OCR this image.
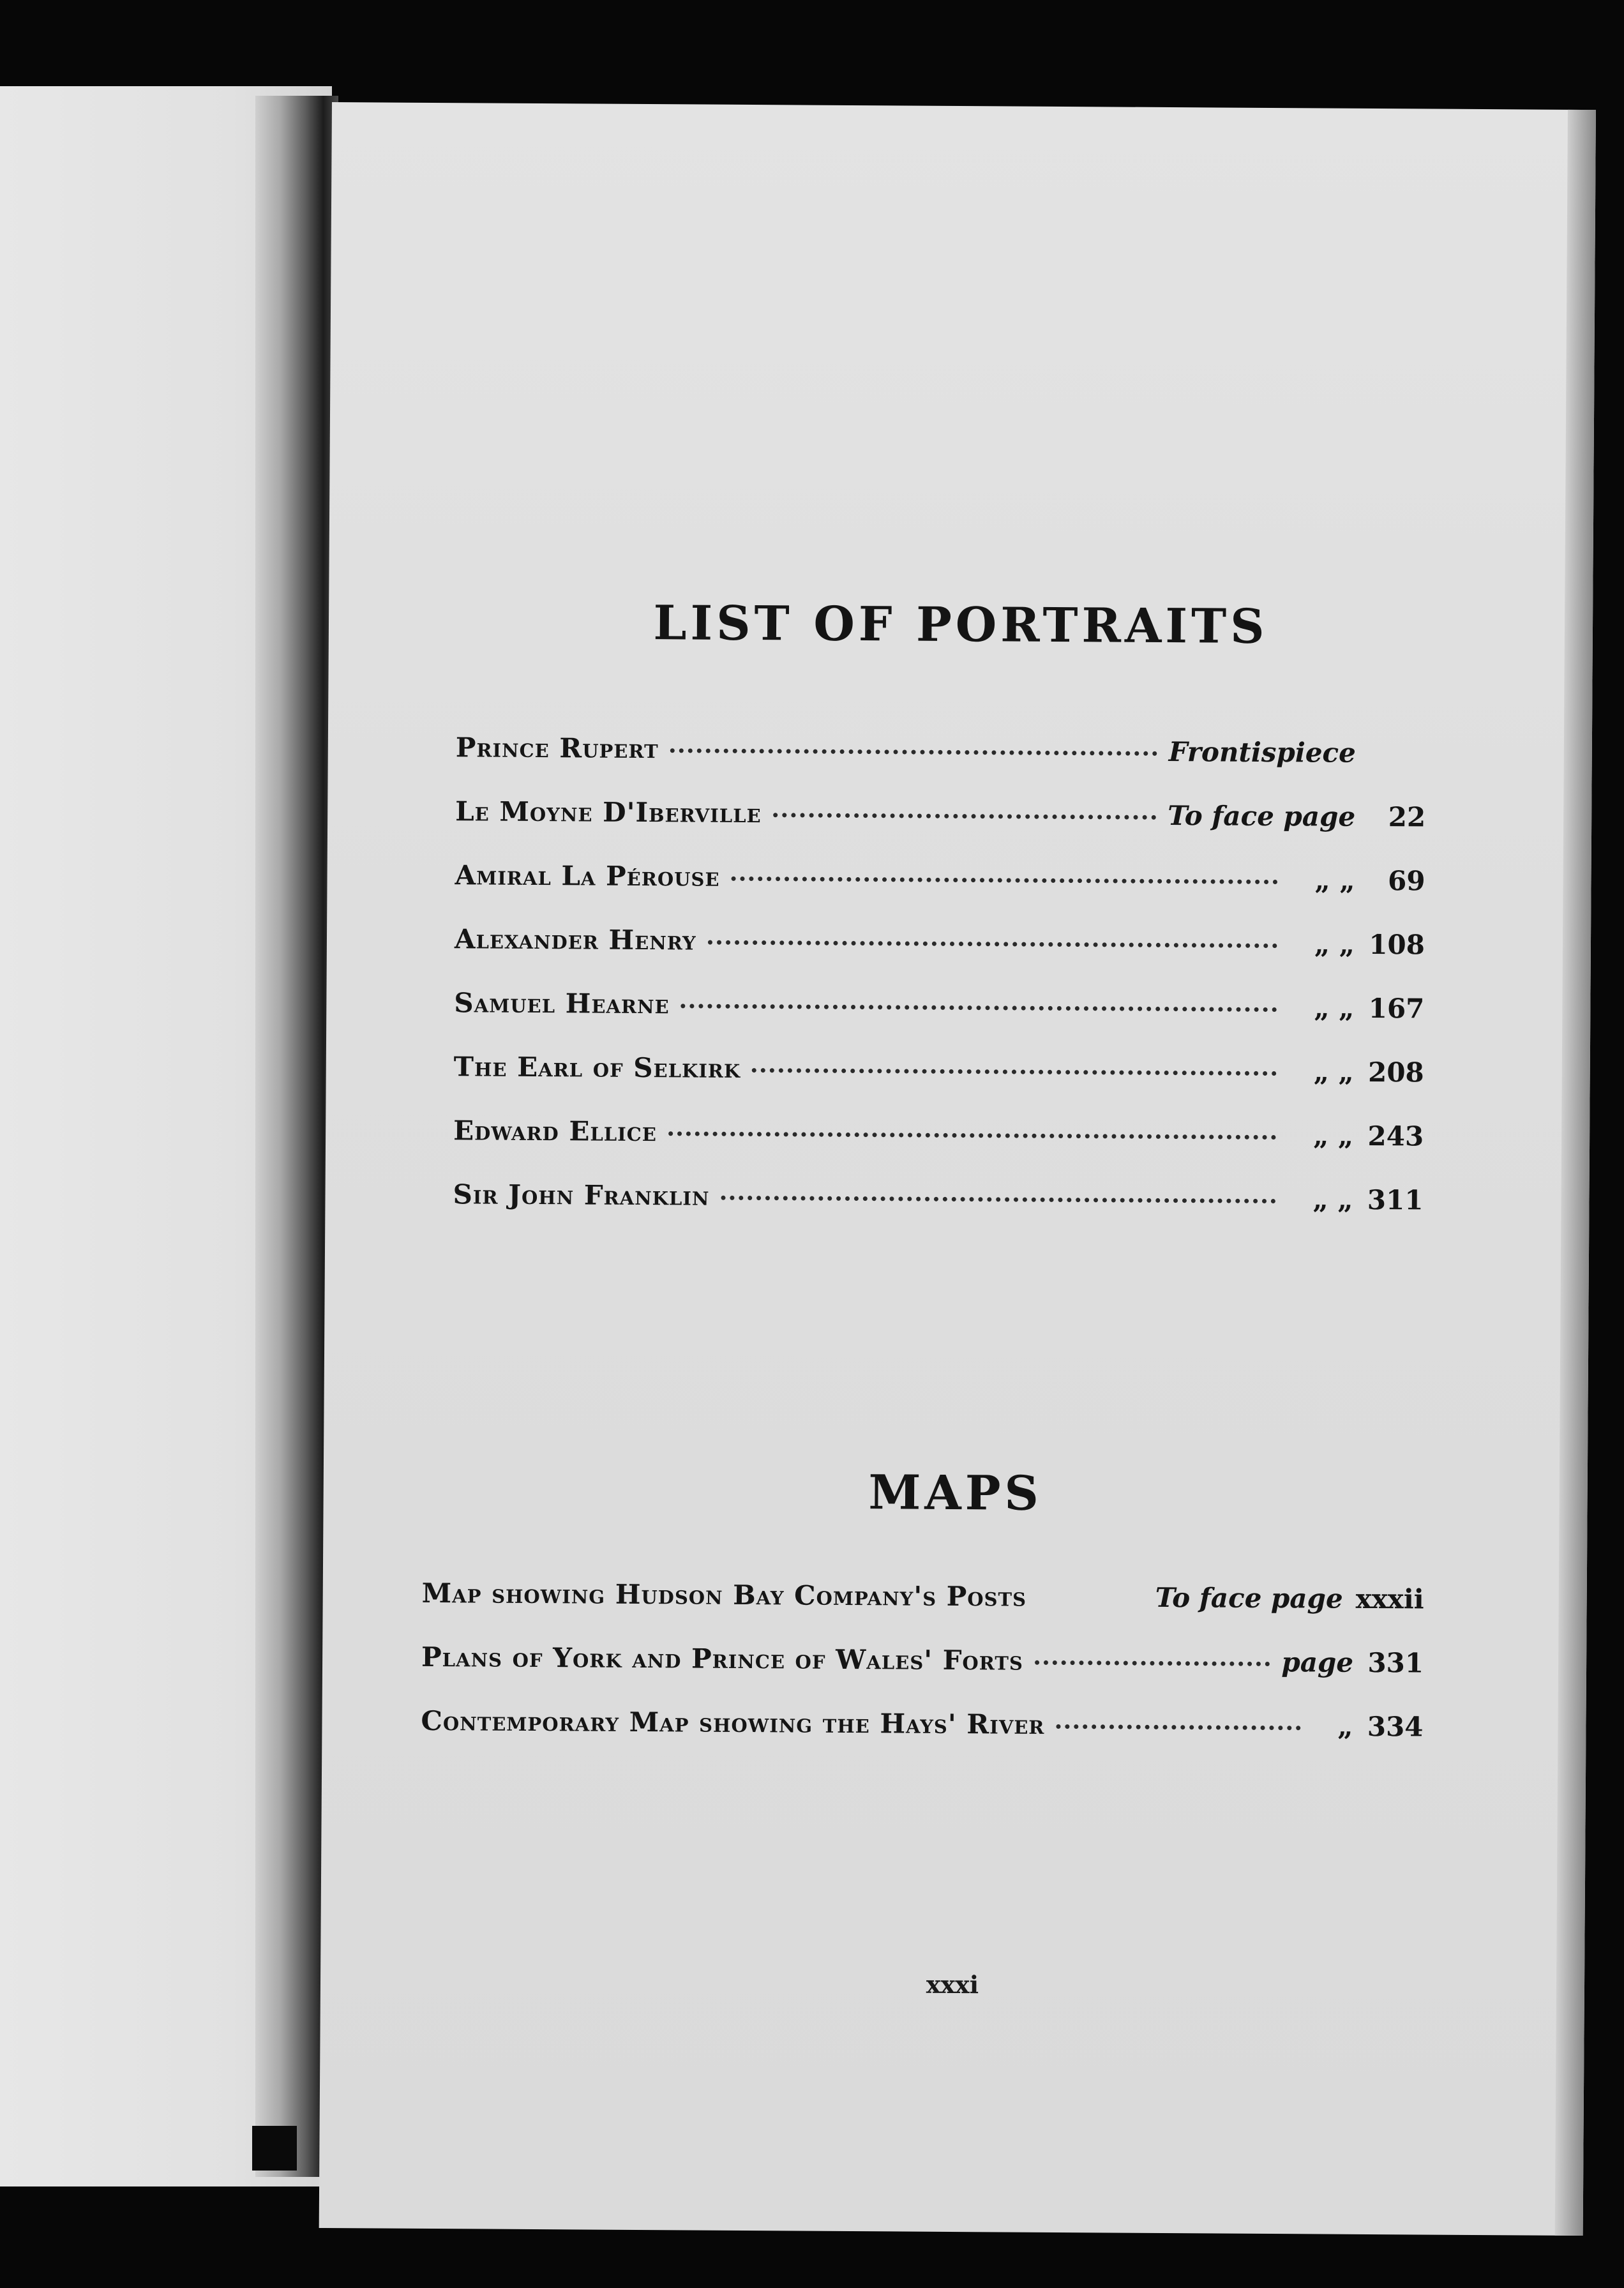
LIST OF PORTRAITS
Prince Rupert	Frontispiece
Le Moyne D'Iberville	To face page	22
Amiral La Pérouse	„ „	69
Alexander Henry	„ „ 108
Samuel Hearne	„ „ 167
The Earl of Selkirk	„ „ 208
Edward Ellice	„ „ 243
Sir John Franklin	„ „ 311
MAPS
Map showing Hudson Bay Company's Posts	To face page xxxii
Plans of York and Prince of Wales' Forts	page 331
Contemporary Map showing the Hays' River	„ 334
xxxi
